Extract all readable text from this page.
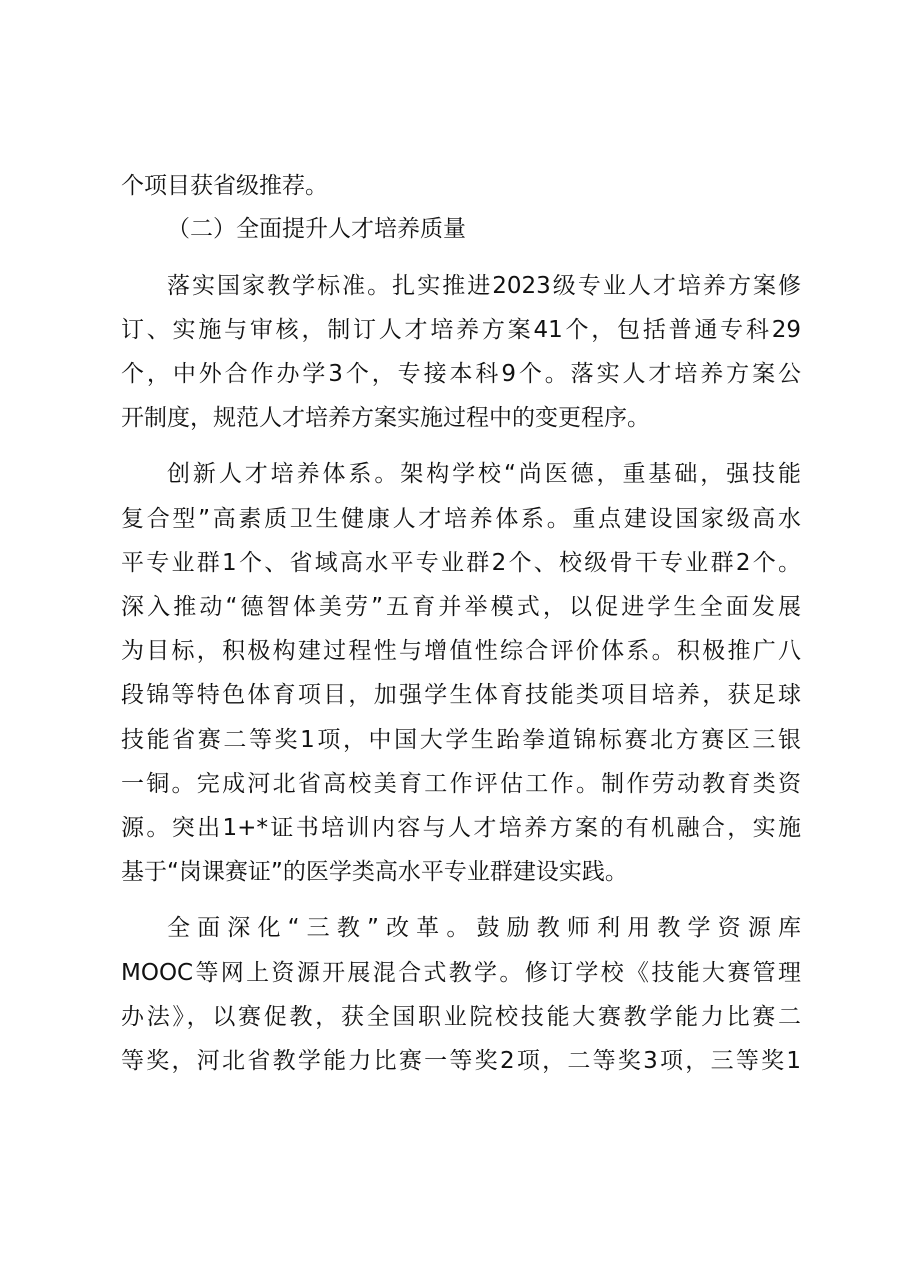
个项目获省级推荐。
（二）全面提升人才培养质量
落实国家教学标准。扎实推进2023级专业人才培养方案修
订、实施与审核，制订人才培养方案41个，包括普通专科29
个，中外合作办学3个，专接本科9个。落实人才培养方案公
开制度，规范人才培养方案实施过程中的变更程序。
创新人才培养体系。架构学校“尚医德，重基础，强技能
复合型”高素质卫生健康人才培养体系。重点建设国家级高水
平专业群1个、省域高水平专业群2个、校级骨干专业群2个。
深入推动“德智体美劳”五育并举模式，以促进学生全面发展
为目标，积极构建过程性与增值性综合评价体系。积极推广八
段锦等特色体育项目，加强学生体育技能类项目培养，获足球
技能省赛二等奖1项，中国大学生跆拳道锦标赛北方赛区三银
一铜。完成河北省高校美育工作评估工作。制作劳动教育类资
源。突出1+*证书培训内容与人才培养方案的有机融合，实施
基于“岗课赛证”的医学类高水平专业群建设实践。
全面深化“三教”改革。鼓励教师利用教学资源库
MOOC等网上资源开展混合式教学。修订学校《技能大赛管理
办法》，以赛促教，获全国职业院校技能大赛教学能力比赛二
等奖，河北省教学能力比赛一等奖2项，二等奖3项，三等奖1
